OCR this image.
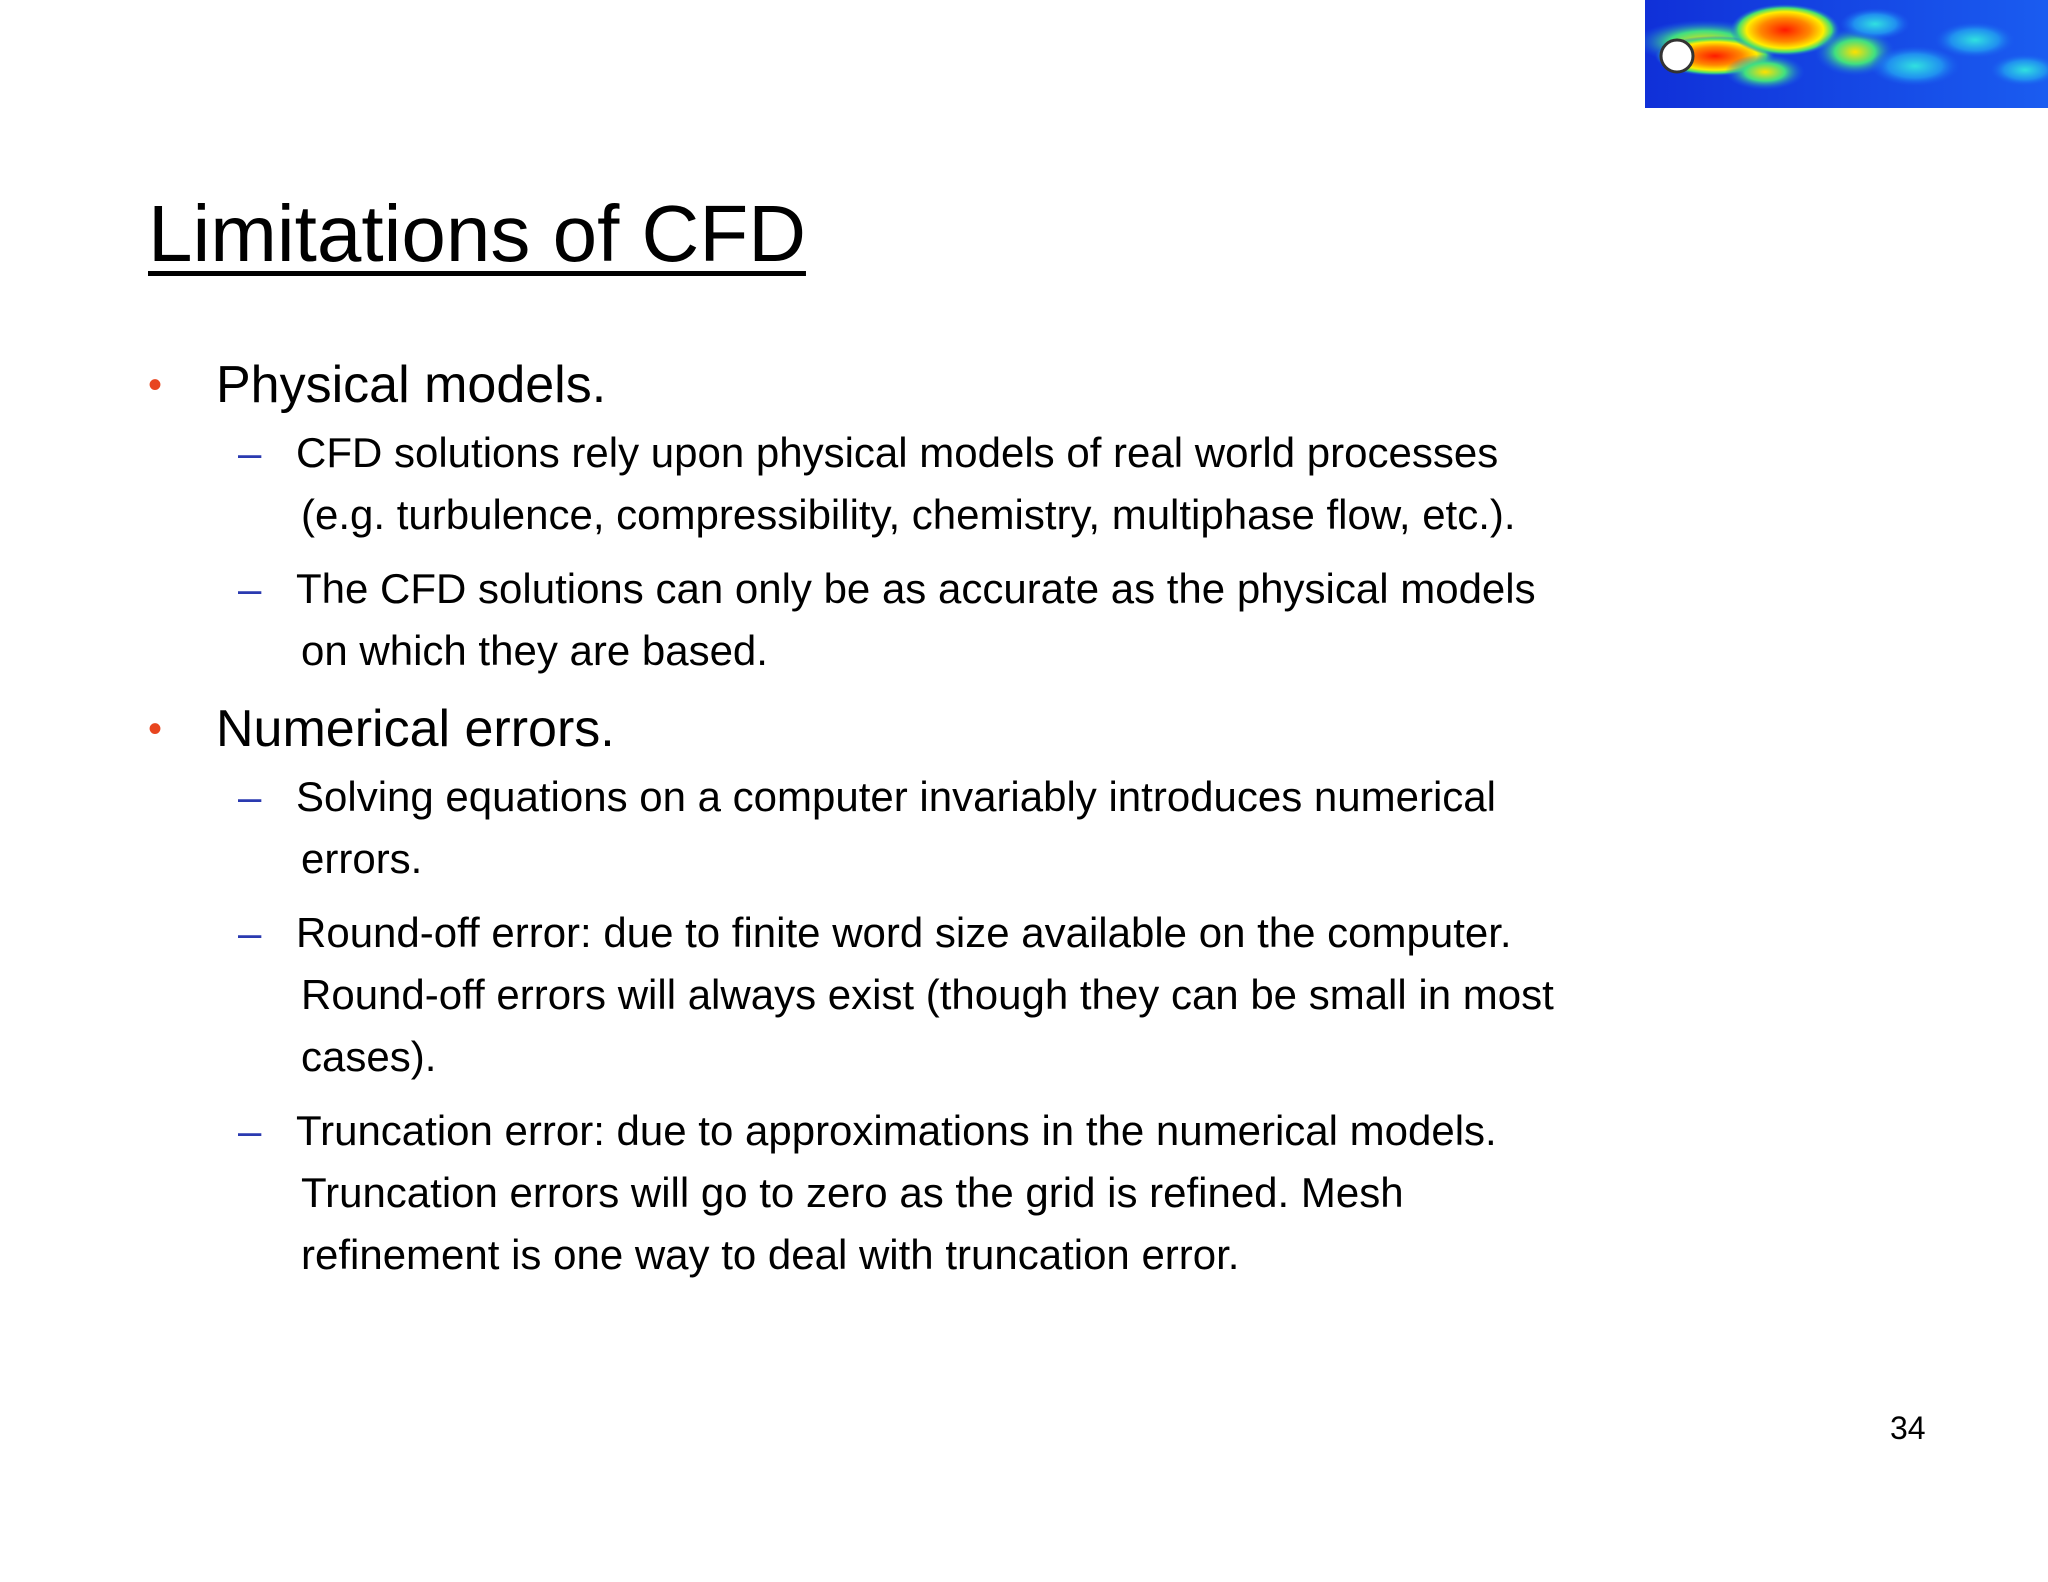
Limitations of CFD
• Physical models.
– CFD solutions rely upon physical models of real world processes
(e.g. turbulence, compressibility, chemistry, multiphase flow, etc.).
– The CFD solutions can only be as accurate as the physical models
on which they are based.
• Numerical errors.
– Solving equations on a computer invariably introduces numerical
errors.
– Round-off error: due to finite word size available on the computer.
Round-off errors will always exist (though they can be small in most
cases).
– Truncation error: due to approximations in the numerical models.
Truncation errors will go to zero as the grid is refined. Mesh
refinement is one way to deal with truncation error.
34
